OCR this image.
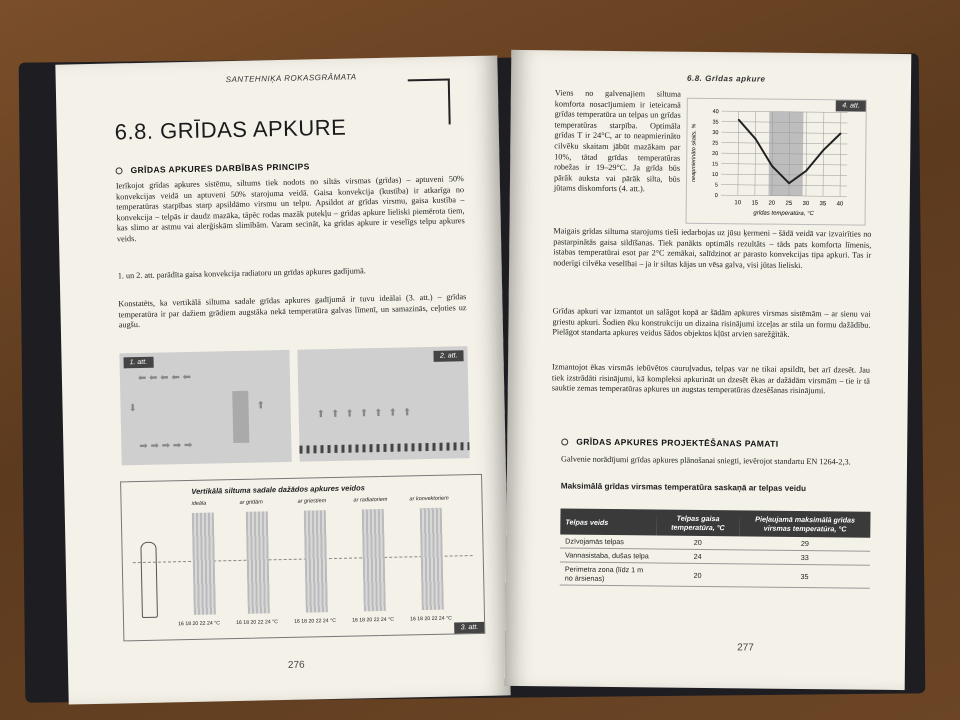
SANTEHNIĶA ROKASGRĀMATA
6.8. GRĪDAS APKURE
GRĪDAS APKURES DARBĪBAS PRINCIPS
Ierīkojot grīdas apkures sistēmu, siltums tiek nodots no siltās virsmas (grīdas) – aptuveni 50% konvekcijas veidā un aptuveni 50% starojuma veidā. Gaisa konvekcija (kustība) ir atkarīga no temperatūras starpības starp apsildāmo virsmu un telpu. Apsildot ar grīdas virsmu, gaisa kustība – konvekcija – telpās ir daudz mazāka, tāpēc rodas mazāk putekļu – grīdas apkure lieliski piemērota tiem, kas slimo ar astmu vai alerģiskām slimībām. Varam secināt, ka grīdas apkure ir veselīgs telpu apkures veids.
1. un 2. att. parādīta gaisa konvekcija radiatoru un grīdas apkures gadījumā.
Konstatēts, ka vertikālā siltuma sadale grīdas apkures gadījumā ir tuvu ideālai (3. att.) – grīdas temperatūra ir par dažiem grādiem augstāka nekā temperatūra galvas līmenī, un samazinās, ceļoties uz augšu.
1. att.
⬅ ⬅ ⬅ ⬅ ⬅
➡ ➡ ➡ ➡ ➡
⬇	⬆
2. att.
⬆⬆⬆⬆⬆⬆⬆
Vertikālā siltuma sadale dažādos apkures veidos
ideāla	ar grīdām	ar griestiem	ar radiatoriem	ar konvektoriem
16 18 20 22 24 °C	16 18 20 22 24 °C	16 18 20 22 24 °C	16 18 20 22 24 °C	16 18 20 22 24 °C
3. att.
276
6.8. Grīdas apkure
Viens no galvenajiem siltuma komforta nosacījumiem ir ieteicamā grīdas temperatūra un telpas un grīdas temperatūras starpība. Optimāla grīdas T ir 24°C, ar to neapmierināto cilvēku skaitam jābūt mazākam par 10%, tātad grīdas temperatūras robežas ir 19–29°C. Ja grīda būs pārāk auksta vai pārāk silta, būs jūtams diskomforts (4. att.).
4. att.
0
5
10
15
20
25
30
35
40
10 15 20 25 30 35 40
grīdas temperatūra, °C
neapmierināto skaits, %
Maigais grīdas siltuma starojums tieši iedarbojas uz jūsu ķermeni – šādā veidā var izvairīties no pastarpinātās gaisa sildīšanas. Tiek panākts optimāls rezultāts – tāds pats komforta līmenis, istabas temperatūrai esot par 2°C zemākai, salīdzinot ar parasto konvekcijas tipa apkuri. Tas ir noderīgi cilvēka veselībai – ja ir siltas kājas un vēsa galva, visi jūtas lieliski.
Grīdas apkuri var izmantot un salāgot kopā ar šādām apkures virsmas sistēmām – ar sienu vai griestu apkuri. Šodien ēku konstrukciju un dizaina risinājumi izceļas ar stila un formu dažādību. Pielāgot standarta apkures veidus šādos objektos kļūst arvien sarežģītāk.
Izmantojot ēkas virsmās iebūvētos cauruļvadus, telpas var ne tikai apsildīt, bet arī dzesēt. Jau tiek izstrādāti risinājumi, kā kompleksi apkurināt un dzesēt ēkas ar dažādām virsmām – tie ir tā sauktie zemas temperatūras apkures un augstas temperatūras dzesēšanas risinājumi.
GRĪDAS APKURES PROJEKTĒŠANAS PAMATI
Galvenie norādījumi grīdas apkures plānošanai sniegti, ievērojot standartu EN 1264-2,3.
Maksimālā grīdas virsmas temperatūra saskaņā ar telpas veidu
Telpas veids	Telpas gaisa temperatūra, °C	Pieļaujamā maksimālā grīdas virsmas temperatūra, °C
Dzīvojamās telpas	20	29
Vannasistaba, dušas telpa	24	33
Perimetra zona (līdz 1 m no ārsienas)	20	35
277
